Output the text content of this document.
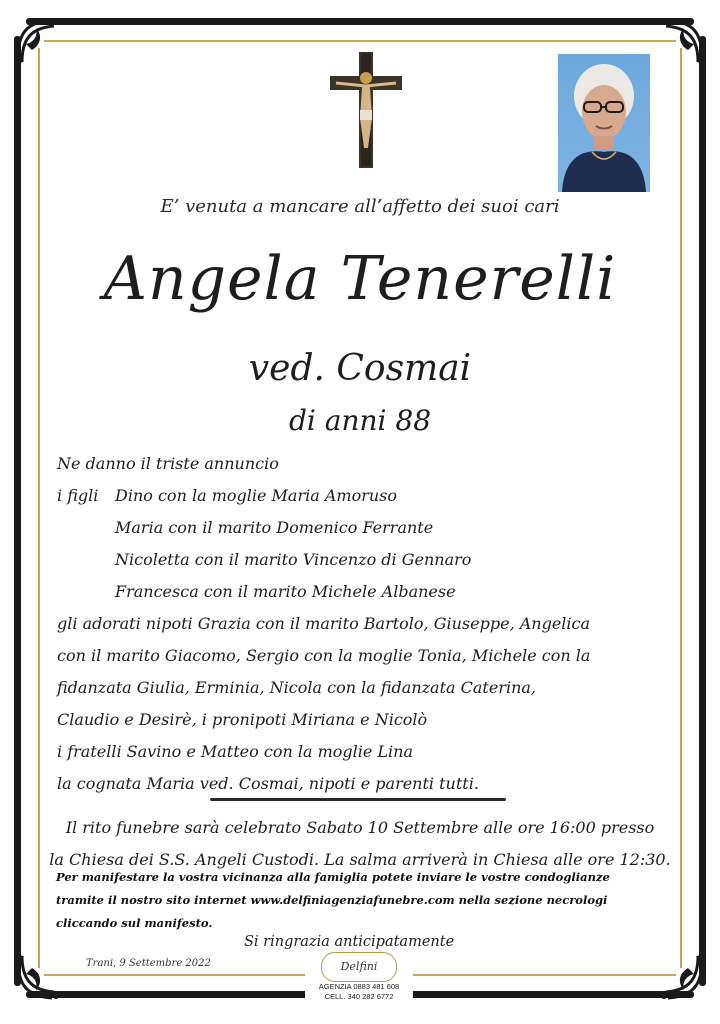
E’ venuta a mancare all’affetto dei suoi cari
Angela Tenerelli
ved. Cosmai
di anni 88
Ne danno il triste annuncio
i figli Dino con la moglie Maria Amoruso
Maria con il marito Domenico Ferrante
Nicoletta con il marito Vincenzo di Gennaro
Francesca con il marito Michele Albanese
gli adorati nipoti Grazia con il marito Bartolo, Giuseppe, Angelica
con il marito Giacomo, Sergio con la moglie Tonia, Michele con la
fidanzata Giulia, Erminia, Nicola con la fidanzata Caterina,
Claudio e Desirè, i pronipoti Miriana e Nicolò
i fratelli Savino e Matteo con la moglie Lina
la cognata Maria ved. Cosmai, nipoti e parenti tutti.
Il rito funebre sarà celebrato Sabato 10 Settembre alle ore 16:00 presso
la Chiesa dei S.S. Angeli Custodi. La salma arriverà in Chiesa alle ore 12:30.
Per manifestare la vostra vicinanza alla famiglia potete inviare le vostre condoglianze
tramite il nostro sito internet www.delfiniagenziafunebre.com nella sezione necrologi
cliccando sul manifesto.
Si ringrazia anticipatamente
Trani, 9 Settembre 2022	Delfini
AGENZIA 0883 481 608
CELL. 340 282 6772
